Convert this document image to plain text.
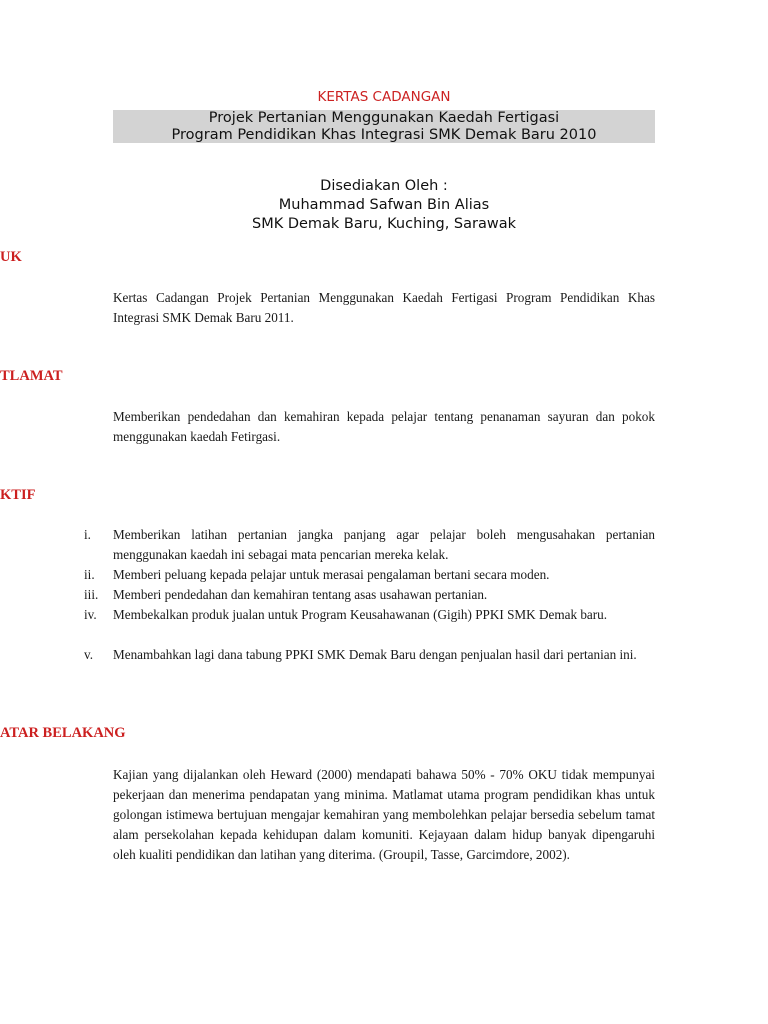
KERTAS CADANGAN
Projek Pertanian Menggunakan Kaedah Fertigasi
Program Pendidikan Khas Integrasi SMK Demak Baru 2010
Disediakan Oleh :
Muhammad Safwan Bin Alias
SMK Demak Baru, Kuching, Sarawak
UK
Kertas Cadangan Projek Pertanian Menggunakan Kaedah Fertigasi Program Pendidikan Khas Integrasi SMK Demak Baru 2011.
TLAMAT
Memberikan pendedahan dan kemahiran kepada pelajar tentang penanaman sayuran dan pokok menggunakan kaedah Fetirgasi.
KTIF
i. Memberikan latihan pertanian jangka panjang agar pelajar boleh mengusahakan pertanian menggunakan kaedah ini sebagai mata pencarian mereka kelak.
ii. Memberi peluang kepada pelajar untuk merasai pengalaman bertani secara moden.
iii. Memberi pendedahan dan kemahiran tentang asas usahawan pertanian.
iv. Membekalkan produk jualan untuk Program Keusahawanan (Gigih) PPKI SMK Demak baru.
v. Menambahkan lagi dana tabung PPKI SMK Demak Baru dengan penjualan hasil dari pertanian ini.
ATAR BELAKANG
Kajian yang dijalankan oleh Heward (2000) mendapati bahawa 50% - 70% OKU tidak mempunyai pekerjaan dan menerima pendapatan yang minima. Matlamat utama program pendidikan khas untuk golongan istimewa bertujuan mengajar kemahiran yang membolehkan pelajar bersedia sebelum tamat alam persekolahan kepada kehidupan dalam komuniti. Kejayaan dalam hidup banyak dipengaruhi oleh kualiti pendidikan dan latihan yang diterima. (Groupil, Tasse, Garcimdore, 2002).
